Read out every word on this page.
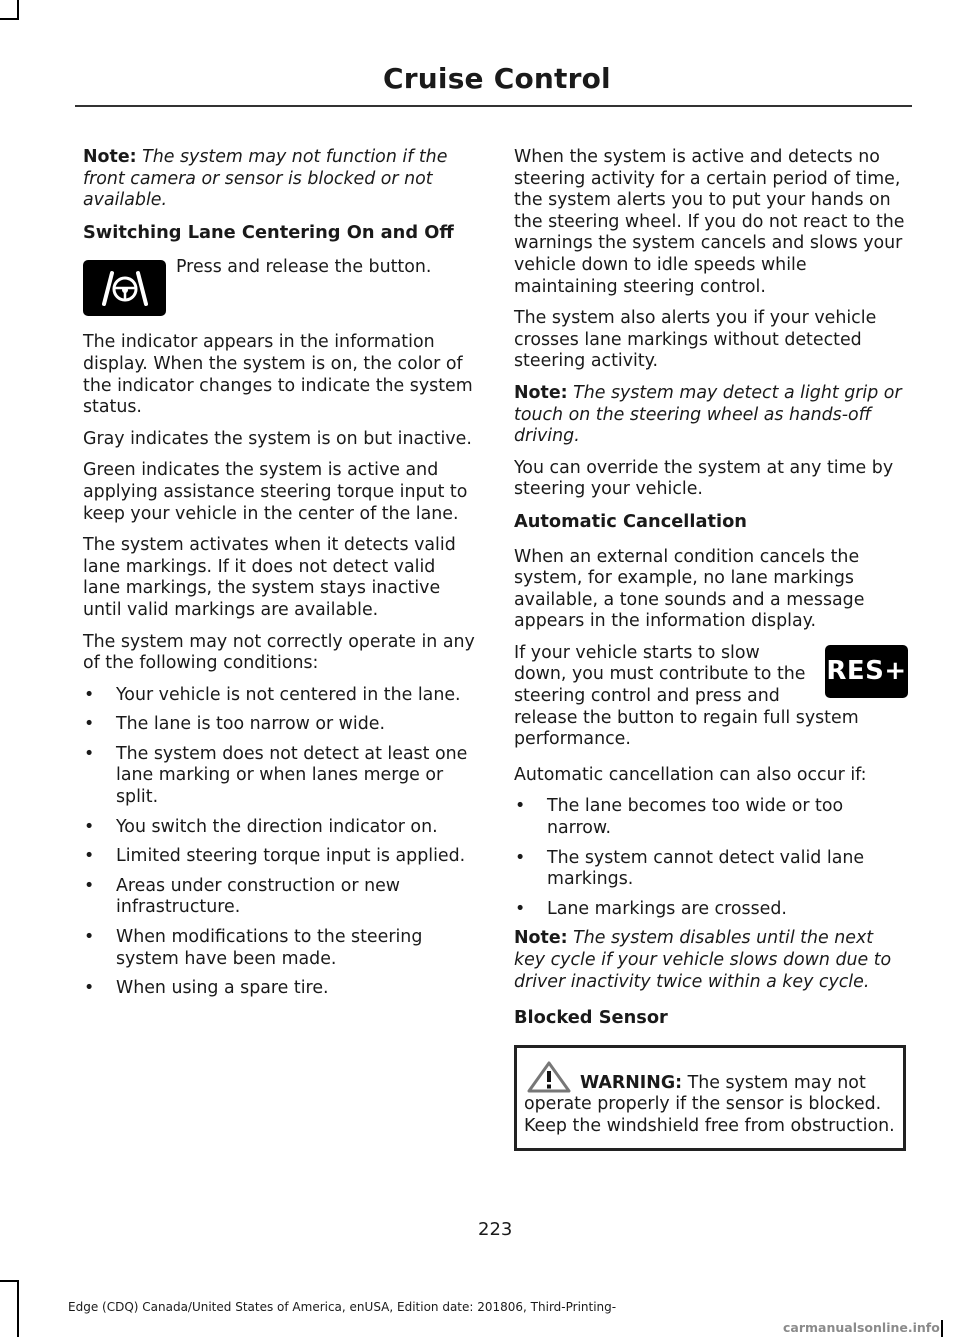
Cruise Control
Note: The system may not function if the front camera or sensor is blocked or not available.
Switching Lane Centering On and Off
Press and release the button.
The indicator appears in the information display. When the system is on, the color of the indicator changes to indicate the system status.
Gray indicates the system is on but inactive.
Green indicates the system is active and applying assistance steering torque input to keep your vehicle in the center of the lane.
The system activates when it detects valid lane markings. If it does not detect valid lane markings, the system stays inactive until valid markings are available.
The system may not correctly operate in any of the following conditions:
• Your vehicle is not centered in the lane.
• The lane is too narrow or wide.
• The system does not detect at least one lane marking or when lanes merge or split.
• You switch the direction indicator on.
• Limited steering torque input is applied.
• Areas under construction or new infrastructure.
• When modifications to the steering system have been made.
• When using a spare tire.
When the system is active and detects no steering activity for a certain period of time, the system alerts you to put your hands on the steering wheel. If you do not react to the warnings the system cancels and slows your vehicle down to idle speeds while maintaining steering control.
The system also alerts you if your vehicle crosses lane markings without detected steering activity.
Note: The system may detect a light grip or touch on the steering wheel as hands-off driving.
You can override the system at any time by steering your vehicle.
Automatic Cancellation
When an external condition cancels the system, for example, no lane markings available, a tone sounds and a message appears in the information display.
RES+
If your vehicle starts to slow down, you must contribute to the steering control and press and release the button to regain full system performance.
Automatic cancellation can also occur if:
• The lane becomes too wide or too narrow.
• The system cannot detect valid lane markings.
• Lane markings are crossed.
Note: The system disables until the next key cycle if your vehicle slows down due to driver inactivity twice within a key cycle.
Blocked Sensor
WARNING: The system may not operate properly if the sensor is blocked. Keep the windshield free from obstruction.
223
Edge (CDQ) Canada/United States of America, enUSA, Edition date: 201806, Third-Printing-
carmanualsonline.info
